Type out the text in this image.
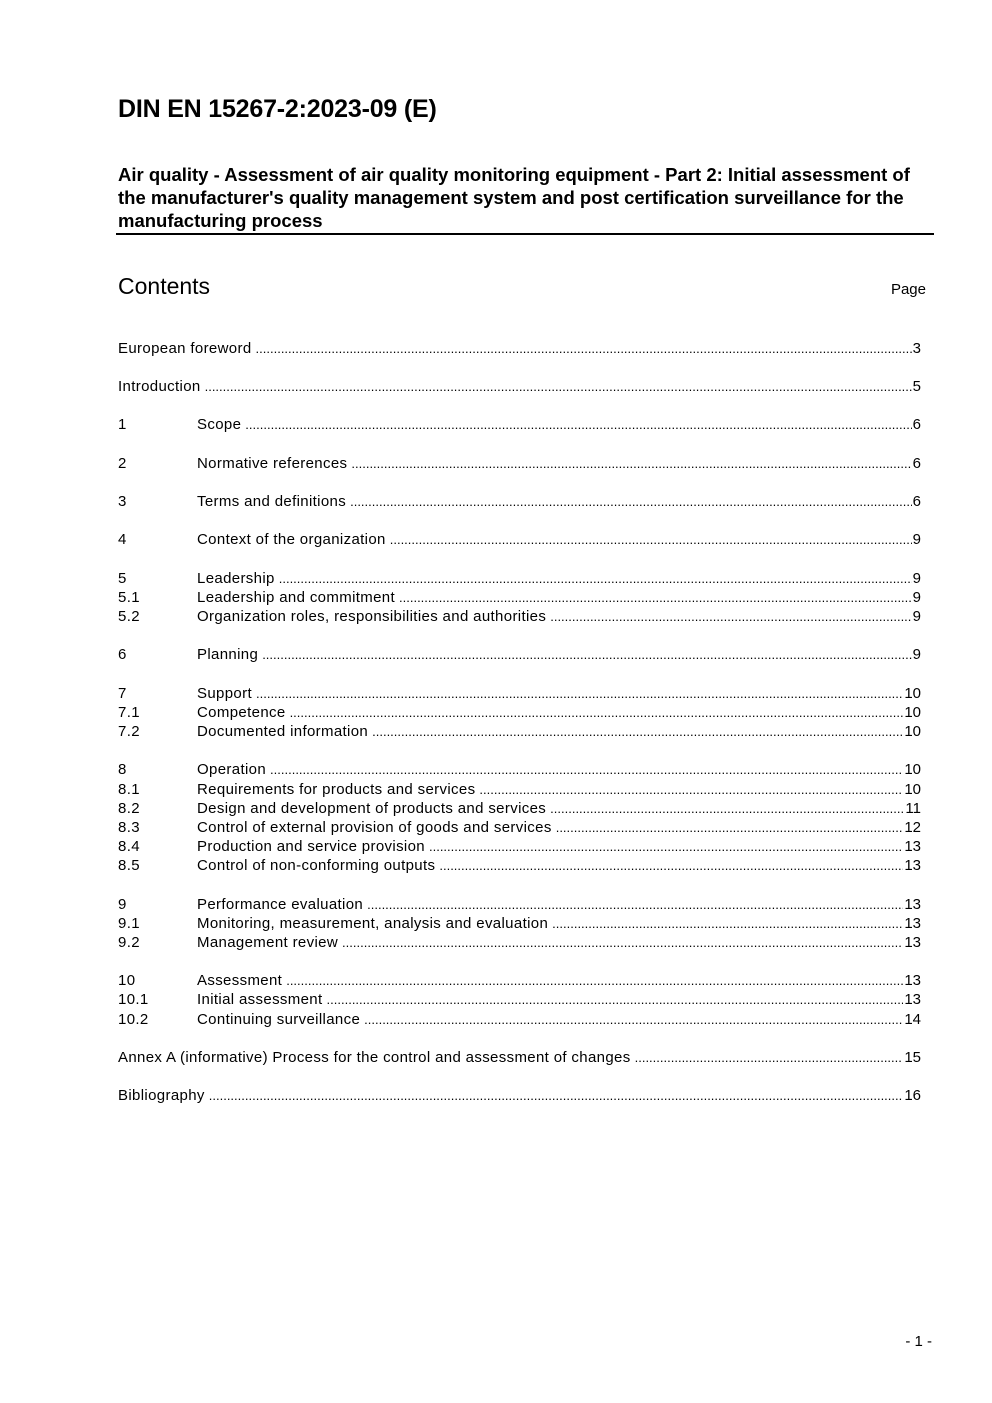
DIN EN 15267-2:2023-09 (E)
Air quality - Assessment of air quality monitoring equipment - Part 2: Initial assessment of the manufacturer's quality management system and post certification surveillance for the manufacturing process
Contents	Page
European foreword .....	3
Introduction .....	5
1	Scope .....	6
2	Normative references .....	6
3	Terms and definitions .....	6
4	Context of the organization .....	9
5	Leadership .....	9
5.1	Leadership and commitment .....	9
5.2	Organization roles, responsibilities and authorities .....	9
6	Planning .....	9
7	Support .....	10
7.1	Competence .....	10
7.2	Documented information .....	10
8	Operation .....	10
8.1	Requirements for products and services .....	10
8.2	Design and development of products and services .....	11
8.3	Control of external provision of goods and services .....	12
8.4	Production and service provision .....	13
8.5	Control of non-conforming outputs .....	13
9	Performance evaluation .....	13
9.1	Monitoring, measurement, analysis and evaluation .....	13
9.2	Management review .....	13
10	Assessment .....	13
10.1	Initial assessment .....	13
10.2	Continuing surveillance .....	14
Annex A (informative) Process for the control and assessment of changes .....	15
Bibliography .....	16
- 1 -
